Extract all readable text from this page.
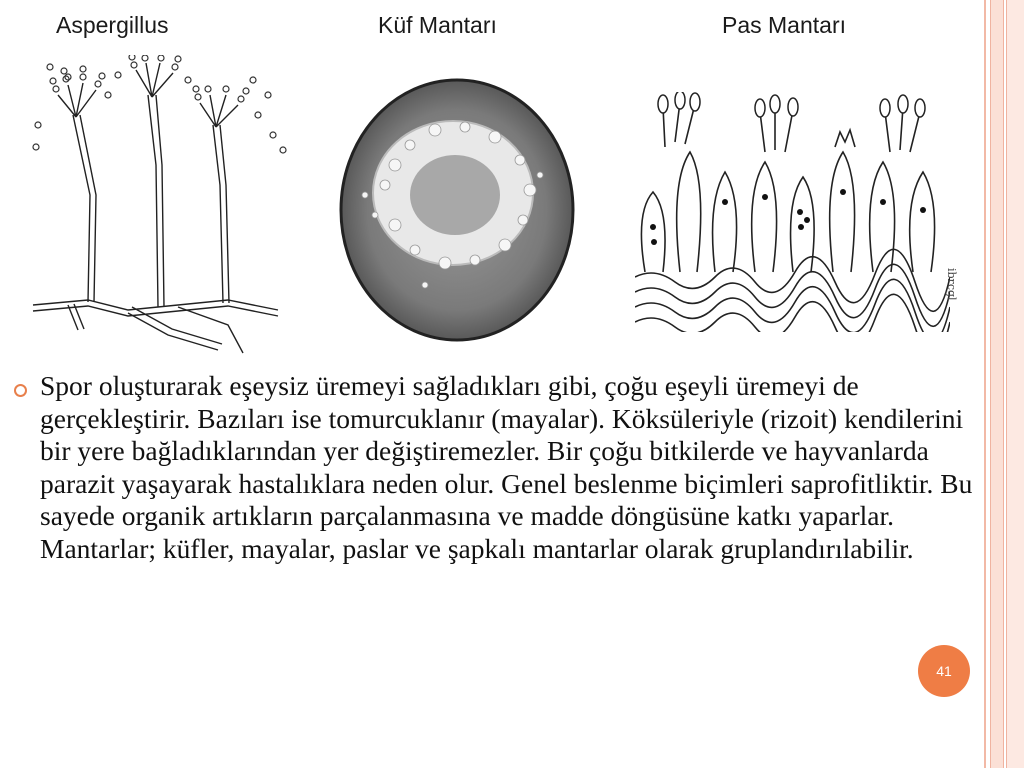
Aspergillus	Küf Mantarı	Pas Mantarı
ibrcgl
Spor oluşturarak eşeysiz üremeyi sağladıkları gibi, çoğu eşeyli üremeyi de gerçekleştirir. Bazıları ise tomurcuklanır (mayalar). Köksüleriyle (rizoit) kendilerini bir yere bağladıklarından yer değiştiremezler. Bir çoğu bitkilerde ve hayvanlarda parazit yaşayarak hastalıklara neden olur. Genel beslenme biçimleri saprofitliktir. Bu sayede organik artıkların parçalanmasına ve madde döngüsüne katkı yaparlar. Mantarlar; küfler, mayalar, paslar ve şapkalı mantarlar olarak gruplandırılabilir.
41
